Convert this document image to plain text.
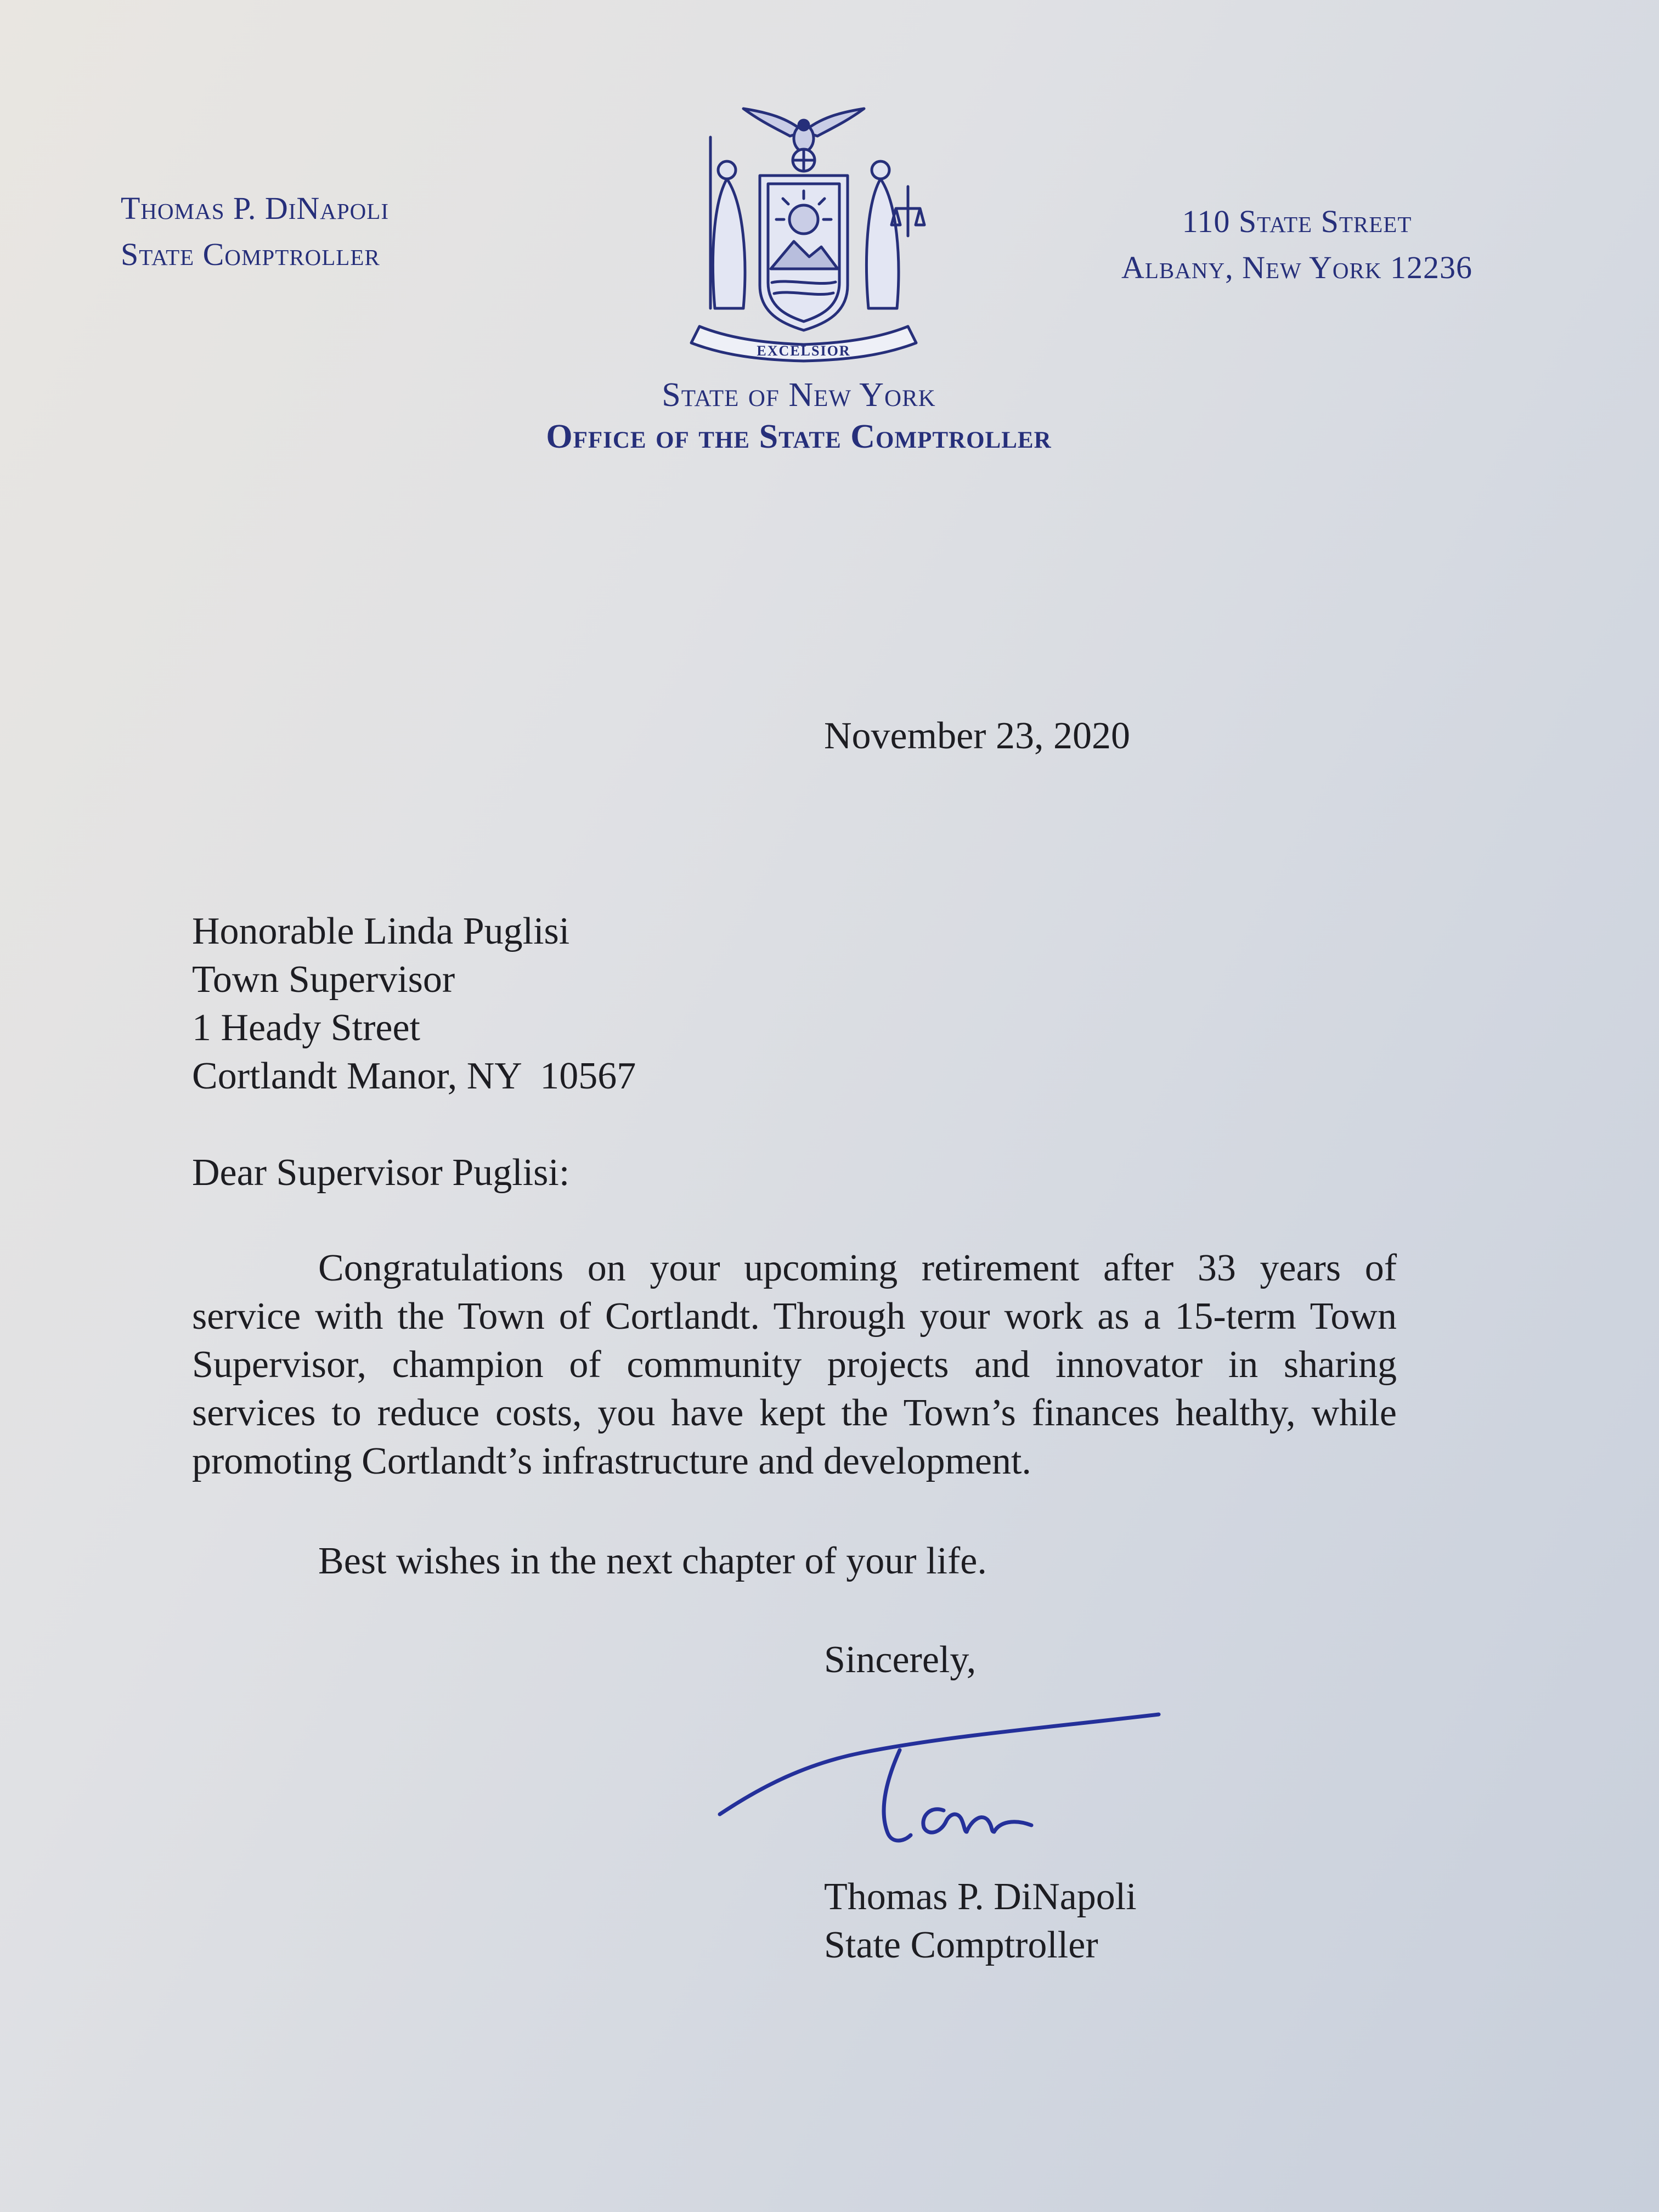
Thomas P. DiNapoli
State Comptroller
EXCELSIOR
110 State Street
Albany, New York 12236
State of New York
Office of the State Comptroller
November 23, 2020
Honorable Linda Puglisi
Town Supervisor
1 Heady Street
Cortlandt Manor, NY  10567
Dear Supervisor Puglisi:

Congratulations on your upcoming retirement after 33 years of service with the Town of Cortlandt. Through your work as a 15-term Town Supervisor, champion of community projects and innovator in sharing services to reduce costs, you have kept the Town’s finances healthy, while promoting Cortlandt’s infrastructure and development.

Best wishes in the next chapter of your life.
Sincerely,
Thomas P. DiNapoli
State Comptroller
